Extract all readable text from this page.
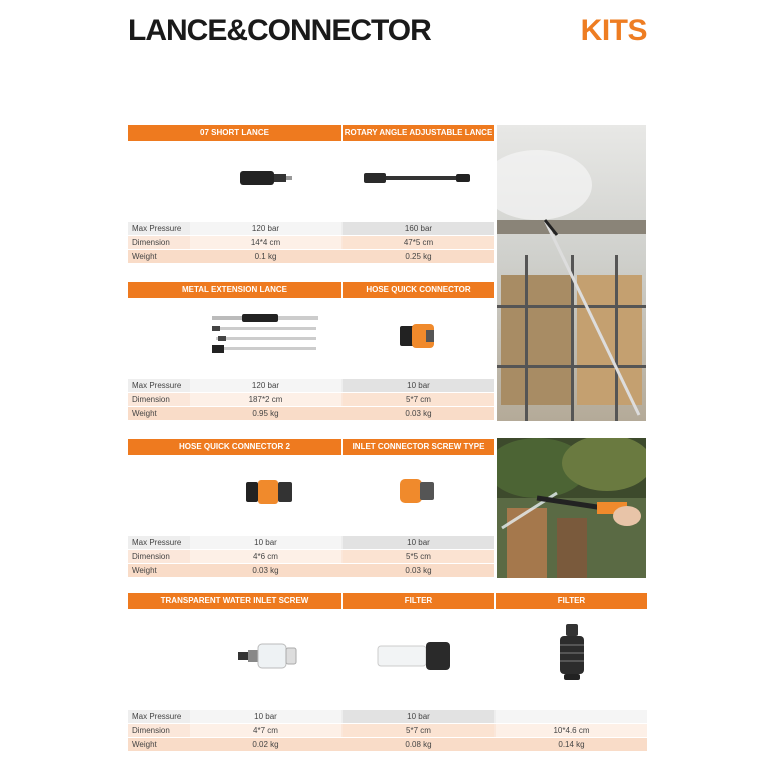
LANCE&CONNECTOR	KITS
07 SHORT LANCE	ROTARY ANGLE ADJUSTABLE LANCE
Max Pressure	120 bar	160 bar
Dimension	14*4 cm	47*5 cm
Weight	0.1 kg	0.25 kg
METAL EXTENSION LANCE	HOSE QUICK CONNECTOR
Max Pressure	120 bar	10 bar
Dimension	187*2 cm	5*7 cm
Weight	0.95 kg	0.03 kg
HOSE QUICK CONNECTOR 2	INLET CONNECTOR SCREW TYPE
Max Pressure	10 bar	10 bar
Dimension	4*6 cm	5*5 cm
Weight	0.03 kg	0.03 kg
TRANSPARENT WATER INLET SCREW	FILTER	FILTER
Max Pressure	10 bar	10 bar
Dimension	4*7 cm	5*7 cm	10*4.6 cm
Weight	0.02 kg	0.08 kg	0.14 kg
